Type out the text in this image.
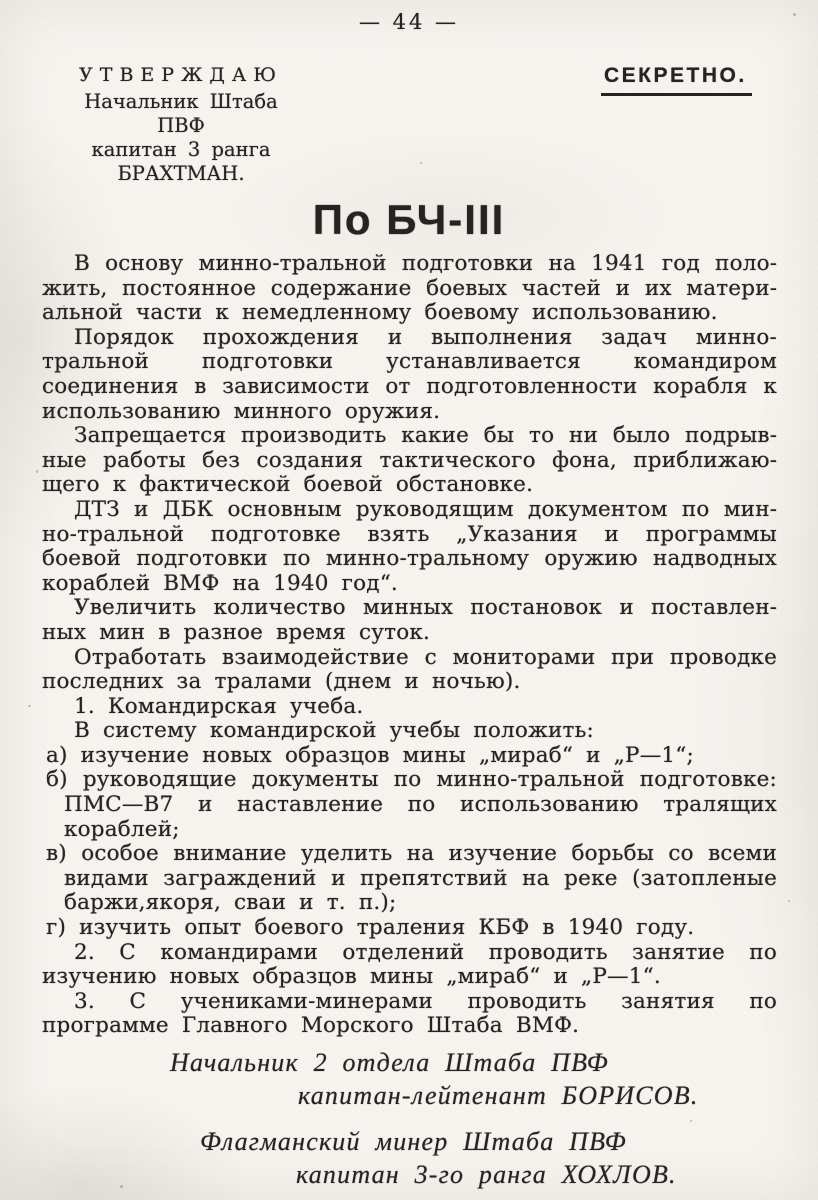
— 44 —
УТВЕРЖДАЮ
Начальник Штаба ПВФ
капитан 3 ранга
БРАХТМАН.
СЕКРЕТНО.
По БЧ-III

В основу минно-тральной подготовки на 1941 год положить, постоянное содержание боевых частей и их материальной части к немедленному боевому использованию.

Порядок прохождения и выполнения задач минно-тральной подготовки устанавливается командиром соединения в зависимости от подготовленности корабля к использованию минного оружия.

Запрещается производить какие бы то ни было подрывные работы без создания тактического фона, приближающего к фактической боевой обстановке.

ДТЗ и ДБК основным руководящим документом по минно-тральной подготовке взять „Указания и программы боевой подготовки по минно-тральному оружию надводных кораблей ВМФ на 1940 год“.

Увеличить количество минных постановок и поставленных мин в разное время суток.

Отработать взаимодействие с мониторами при проводке последних за тралами (днем и ночью).

1. Командирская учеба.

В систему командирской учебы положить:

а) изучение новых образцов мины „мираб“ и „Р—1“;

б) руководящие документы по минно-тральной подготовке: ПМС—В7 и наставление по использованию тралящих кораблей;

в) особое внимание уделить на изучение борьбы со всеми видами заграждений и препятствий на реке (затопленые баржи,якоря, сваи и т. п.);

г) изучить опыт боевого траления КБФ в 1940 году.

2. С командирами отделений проводить занятие по изучению новых образцов мины „мираб“ и „Р—1“.

3. С учениками-минерами проводить занятия по программе Главного Морского Штаба ВМФ.

Начальник 2 отдела Штаба ПВФ
капитан-лейтенант БОРИСОВ.
Флагманский минер Штаба ПВФ
капитан 3-го ранга ХОХЛОВ.
